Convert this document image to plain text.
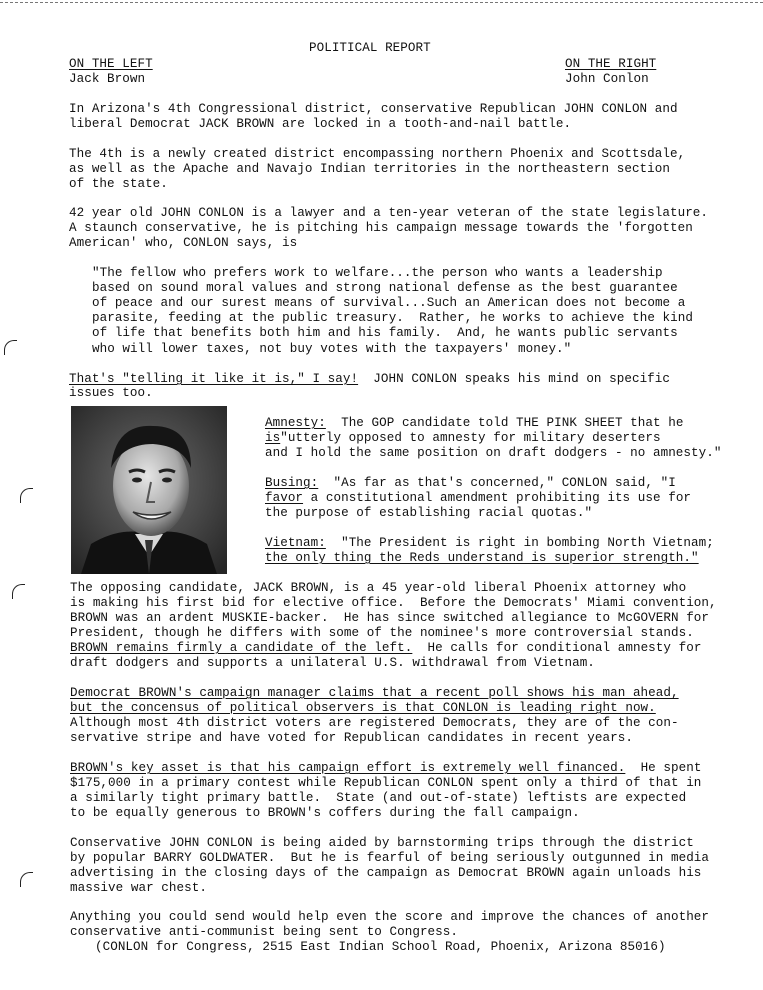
POLITICAL REPORT
ON THE LEFT
Jack Brown
ON THE RIGHT
John Conlon
In Arizona's 4th Congressional district, conservative Republican JOHN CONLON and
liberal Democrat JACK BROWN are locked in a tooth-and-nail battle.
The 4th is a newly created district encompassing northern Phoenix and Scottsdale,
as well as the Apache and Navajo Indian territories in the northeastern section
of the state.
42 year old JOHN CONLON is a lawyer and a ten-year veteran of the state legislature.
A staunch conservative, he is pitching his campaign message towards the 'forgotten
American' who, CONLON says, is
"The fellow who prefers work to welfare...the person who wants a leadership
based on sound moral values and strong national defense as the best guarantee
of peace and our surest means of survival...Such an American does not become a
parasite, feeding at the public treasury.  Rather, he works to achieve the kind
of life that benefits both him and his family.  And, he wants public servants
who will lower taxes, not buy votes with the taxpayers' money."
That's "telling it like it is," I say!  JOHN CONLON speaks his mind on specific
issues too.
Amnesty:  The GOP candidate told THE PINK SHEET that he
is"utterly opposed to amnesty for military deserters
and I hold the same position on draft dodgers - no amnesty."
Busing:  "As far as that's concerned," CONLON said, "I
favor a constitutional amendment prohibiting its use for
the purpose of establishing racial quotas."
Vietnam:  "The President is right in bombing North Vietnam;
the only thing the Reds understand is superior strength."
The opposing candidate, JACK BROWN, is a 45 year-old liberal Phoenix attorney who
is making his first bid for elective office.  Before the Democrats' Miami convention,
BROWN was an ardent MUSKIE-backer.  He has since switched allegiance to McGOVERN for
President, though he differs with some of the nominee's more controversial stands.
BROWN remains firmly a candidate of the left.  He calls for conditional amnesty for
draft dodgers and supports a unilateral U.S. withdrawal from Vietnam.
Democrat BROWN's campaign manager claims that a recent poll shows his man ahead,
but the concensus of political observers is that CONLON is leading right now.
Although most 4th district voters are registered Democrats, they are of the con-
servative stripe and have voted for Republican candidates in recent years.
BROWN's key asset is that his campaign effort is extremely well financed.  He spent
$175,000 in a primary contest while Republican CONLON spent only a third of that in
a similarly tight primary battle.  State (and out-of-state) leftists are expected
to be equally generous to BROWN's coffers during the fall campaign.
Conservative JOHN CONLON is being aided by barnstorming trips through the district
by popular BARRY GOLDWATER.  But he is fearful of being seriously outgunned in media
advertising in the closing days of the campaign as Democrat BROWN again unloads his
massive war chest.
Anything you could send would help even the score and improve the chances of another
conservative anti-communist being sent to Congress.
(CONLON for Congress, 2515 East Indian School Road, Phoenix, Arizona 85016)
